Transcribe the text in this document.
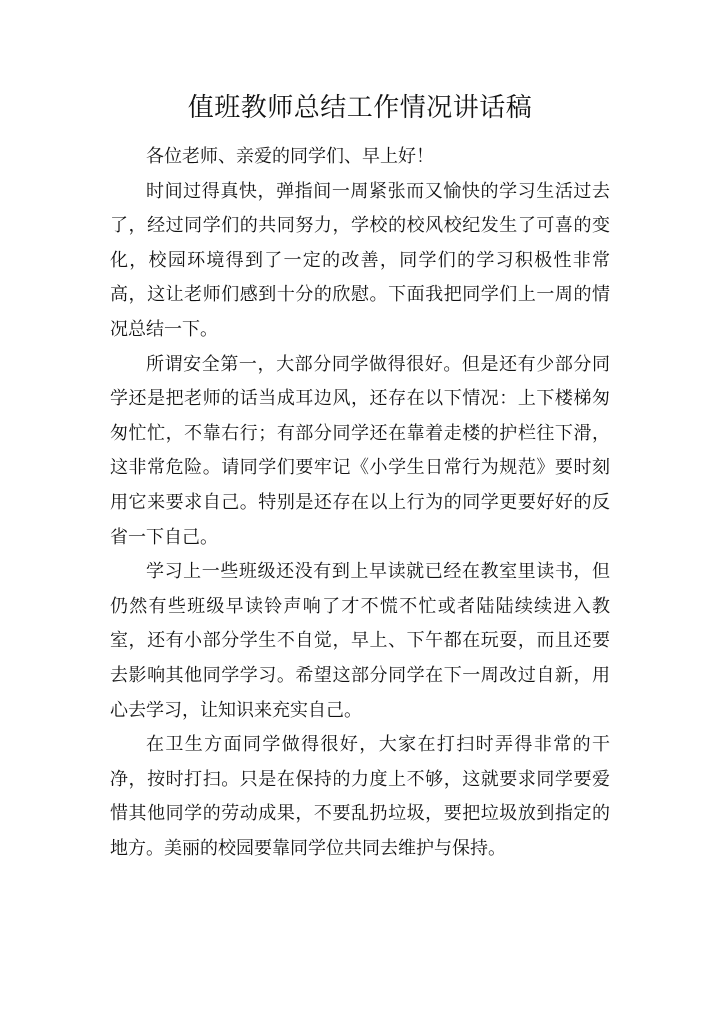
值班教师总结工作情况讲话稿

各位老师、亲爱的同学们、早上好！

时间过得真快，弹指间一周紧张而又愉快的学习生活过去了，经过同学们的共同努力，学校的校风校纪发生了可喜的变化，校园环境得到了一定的改善，同学们的学习积极性非常高，这让老师们感到十分的欣慰。下面我把同学们上一周的情况总结一下。

所谓安全第一，大部分同学做得很好。但是还有少部分同学还是把老师的话当成耳边风，还存在以下情况：上下楼梯匆匆忙忙，不靠右行；有部分同学还在靠着走楼的护栏往下滑，这非常危险。请同学们要牢记《小学生日常行为规范》要时刻用它来要求自己。特别是还存在以上行为的同学更要好好的反省一下自己。

学习上一些班级还没有到上早读就已经在教室里读书，但仍然有些班级早读铃声响了才不慌不忙或者陆陆续续进入教室，还有小部分学生不自觉，早上、下午都在玩耍，而且还要去影响其他同学学习。希望这部分同学在下一周改过自新，用心去学习，让知识来充实自己。

在卫生方面同学做得很好，大家在打扫时弄得非常的干净，按时打扫。只是在保持的力度上不够，这就要求同学要爱惜其他同学的劳动成果，不要乱扔垃圾，要把垃圾放到指定的地方。美丽的校园要靠同学位共同去维护与保持。
